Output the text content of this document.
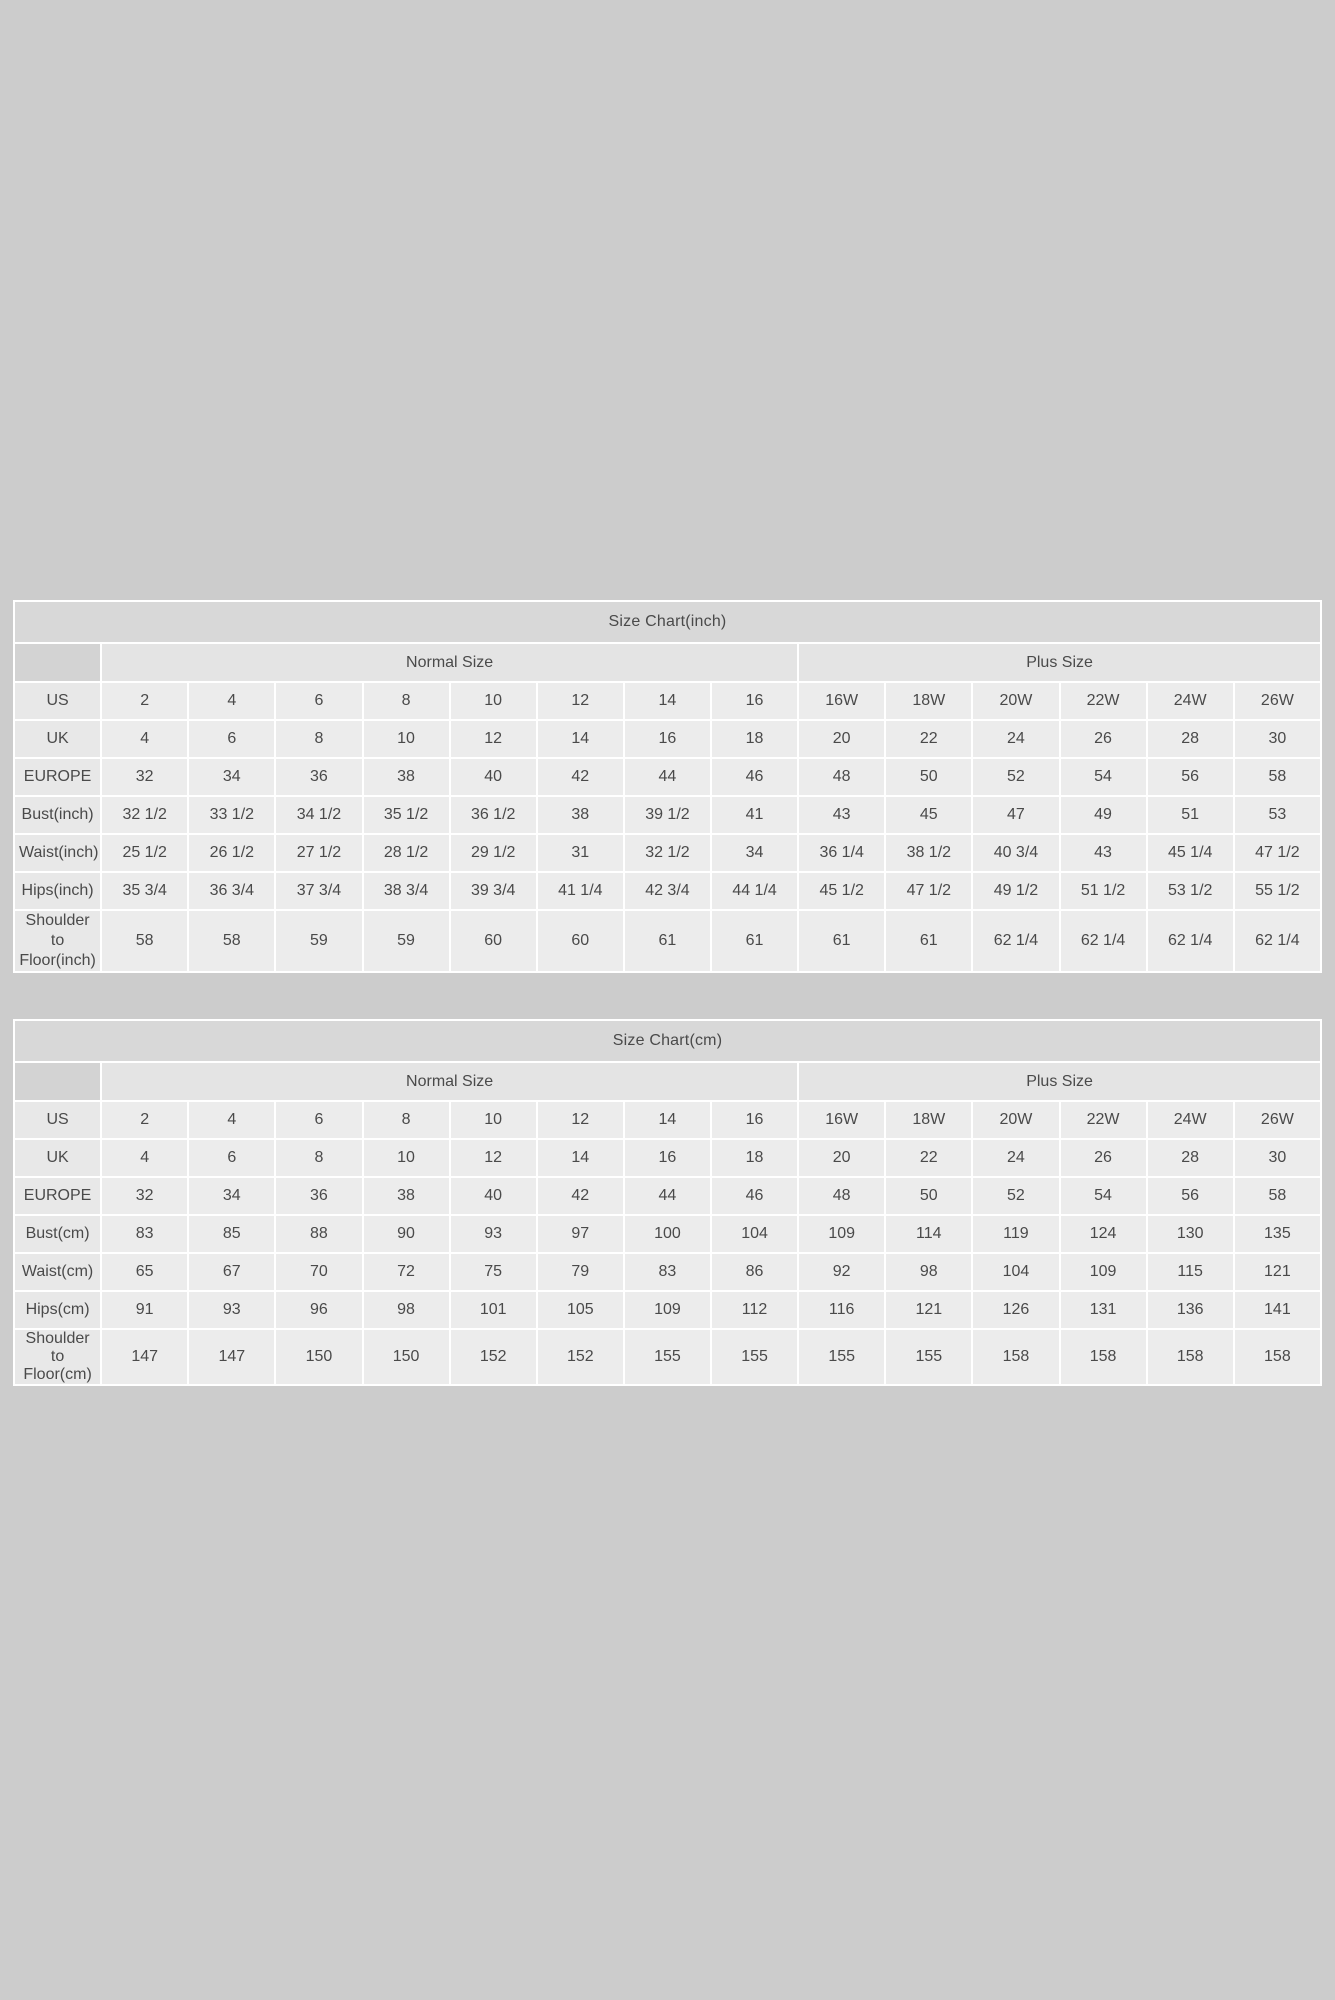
Size Chart(inch)														
	Normal Size								Plus Size					

US	2	4	6	8	10	12	14	16	16W	18W	20W	22W	24W	26W

UK	4	6	8	10	12	14	16	18	20	22	24	26	28	30

EUROPE	32	34	36	38	40	42	44	46	48	50	52	54	56	58

Bust(inch)	32 1/2	33 1/2	34 1/2	35 1/2	36 1/2	38	39 1/2	41	43	45	47	49	51	53

Waist(inch)	25 1/2	26 1/2	27 1/2	28 1/2	29 1/2	31	32 1/2	34	36 1/4	38 1/2	40 3/4	43	45 1/4	47 1/2

Hips(inch)	35 3/4	36 3/4	37 3/4	38 3/4	39 3/4	41 1/4	42 3/4	44 1/4	45 1/2	47 1/2	49 1/2	51 1/2	53 1/2	55 1/2

Shoulder to Floor(inch)	58	58	59	59	60	60	61	61	61	61	62 1/4	62 1/4	62 1/4	62 1/4
Size Chart(cm)														
	Normal Size								Plus Size					

US	2	4	6	8	10	12	14	16	16W	18W	20W	22W	24W	26W

UK	4	6	8	10	12	14	16	18	20	22	24	26	28	30

EUROPE	32	34	36	38	40	42	44	46	48	50	52	54	56	58

Bust(cm)	83	85	88	90	93	97	100	104	109	114	119	124	130	135

Waist(cm)	65	67	70	72	75	79	83	86	92	98	104	109	115	121

Hips(cm)	91	93	96	98	101	105	109	112	116	121	126	131	136	141

Shoulder to Floor(cm)	147	147	150	150	152	152	155	155	155	155	158	158	158	158
